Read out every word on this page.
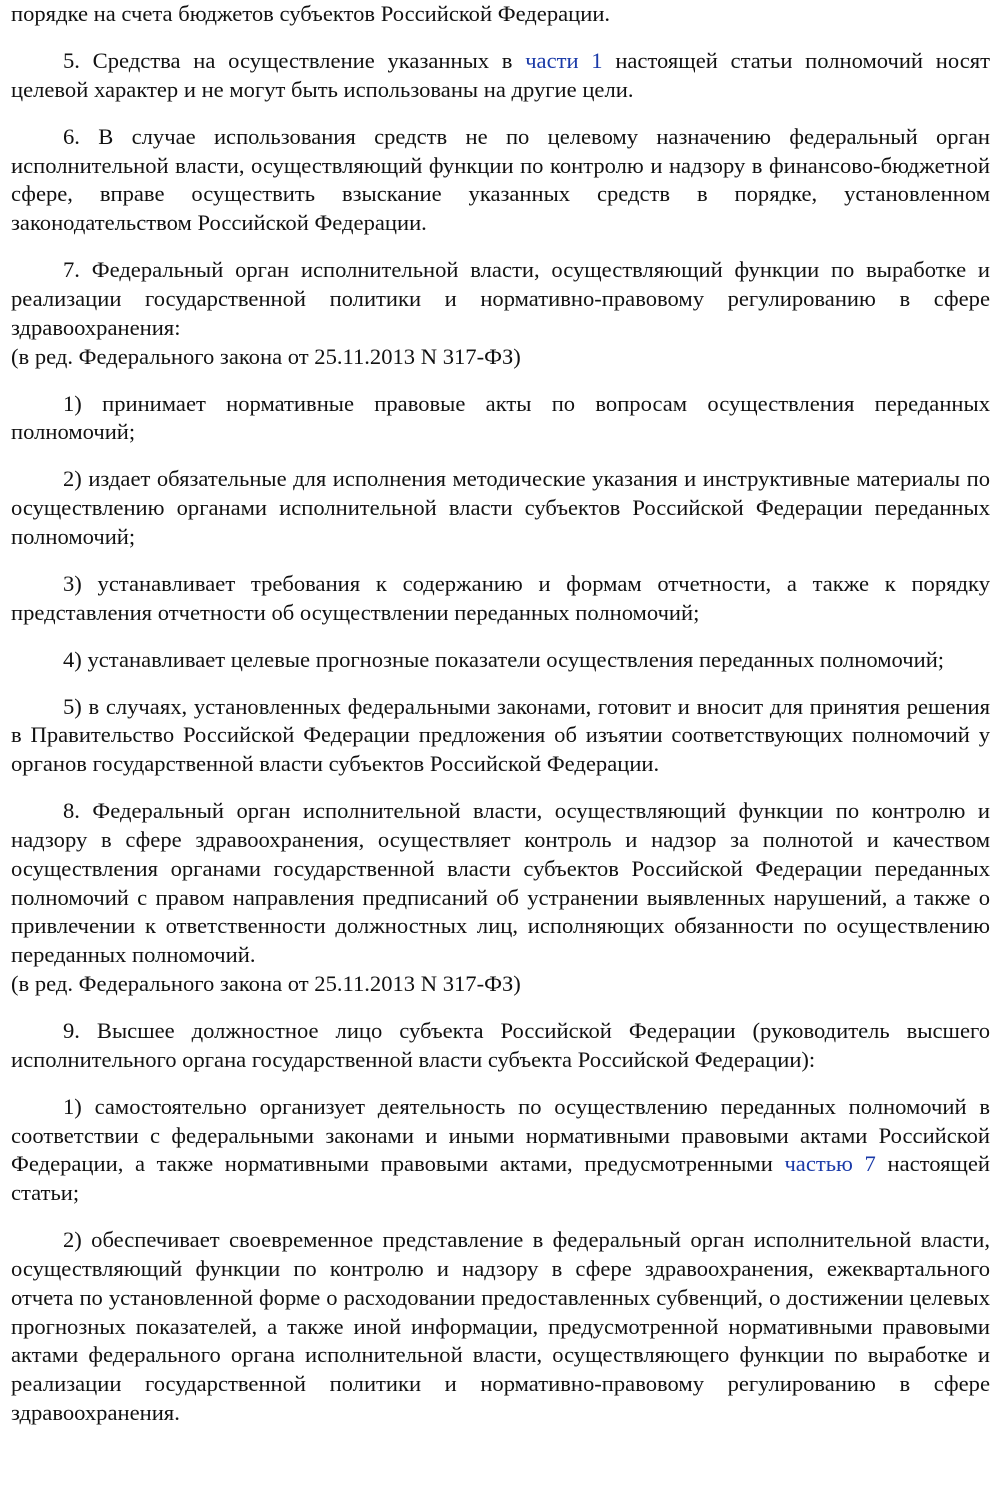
порядке на счета бюджетов субъектов Российской Федерации.

5. Средства на осуществление указанных в части 1 настоящей статьи полномочий носят целевой характер и не могут быть использованы на другие цели.

6. В случае использования средств не по целевому назначению федеральный орган исполнительной власти, осуществляющий функции по контролю и надзору в финансово-бюджетной сфере, вправе осуществить взыскание указанных средств в порядке, установленном законодательством Российской Федерации.

7. Федеральный орган исполнительной власти, осуществляющий функции по выработке и реализации государственной политики и нормативно-правовому регулированию в сфере здравоохранения:

(в ред. Федерального закона от 25.11.2013 N 317-ФЗ)

1) принимает нормативные правовые акты по вопросам осуществления переданных полномочий;

2) издает обязательные для исполнения методические указания и инструктивные материалы по осуществлению органами исполнительной власти субъектов Российской Федерации переданных полномочий;

3) устанавливает требования к содержанию и формам отчетности, а также к порядку представления отчетности об осуществлении переданных полномочий;

4) устанавливает целевые прогнозные показатели осуществления переданных полномочий;

5) в случаях, установленных федеральными законами, готовит и вносит для принятия решения в Правительство Российской Федерации предложения об изъятии соответствующих полномочий у органов государственной власти субъектов Российской Федерации.

8. Федеральный орган исполнительной власти, осуществляющий функции по контролю и надзору в сфере здравоохранения, осуществляет контроль и надзор за полнотой и качеством осуществления органами государственной власти субъектов Российской Федерации переданных полномочий с правом направления предписаний об устранении выявленных нарушений, а также о привлечении к ответственности должностных лиц, исполняющих обязанности по осуществлению переданных полномочий.

(в ред. Федерального закона от 25.11.2013 N 317-ФЗ)

9. Высшее должностное лицо субъекта Российской Федерации (руководитель высшего исполнительного органа государственной власти субъекта Российской Федерации):

1) самостоятельно организует деятельность по осуществлению переданных полномочий в соответствии с федеральными законами и иными нормативными правовыми актами Российской Федерации, а также нормативными правовыми актами, предусмотренными частью 7 настоящей статьи;

2) обеспечивает своевременное представление в федеральный орган исполнительной власти, осуществляющий функции по контролю и надзору в сфере здравоохранения, ежеквартального отчета по установленной форме о расходовании предоставленных субвенций, о достижении целевых прогнозных показателей, а также иной информации, предусмотренной нормативными правовыми актами федерального органа исполнительной власти, осуществляющего функции по выработке и реализации государственной политики и нормативно-правовому регулированию в сфере здравоохранения.
